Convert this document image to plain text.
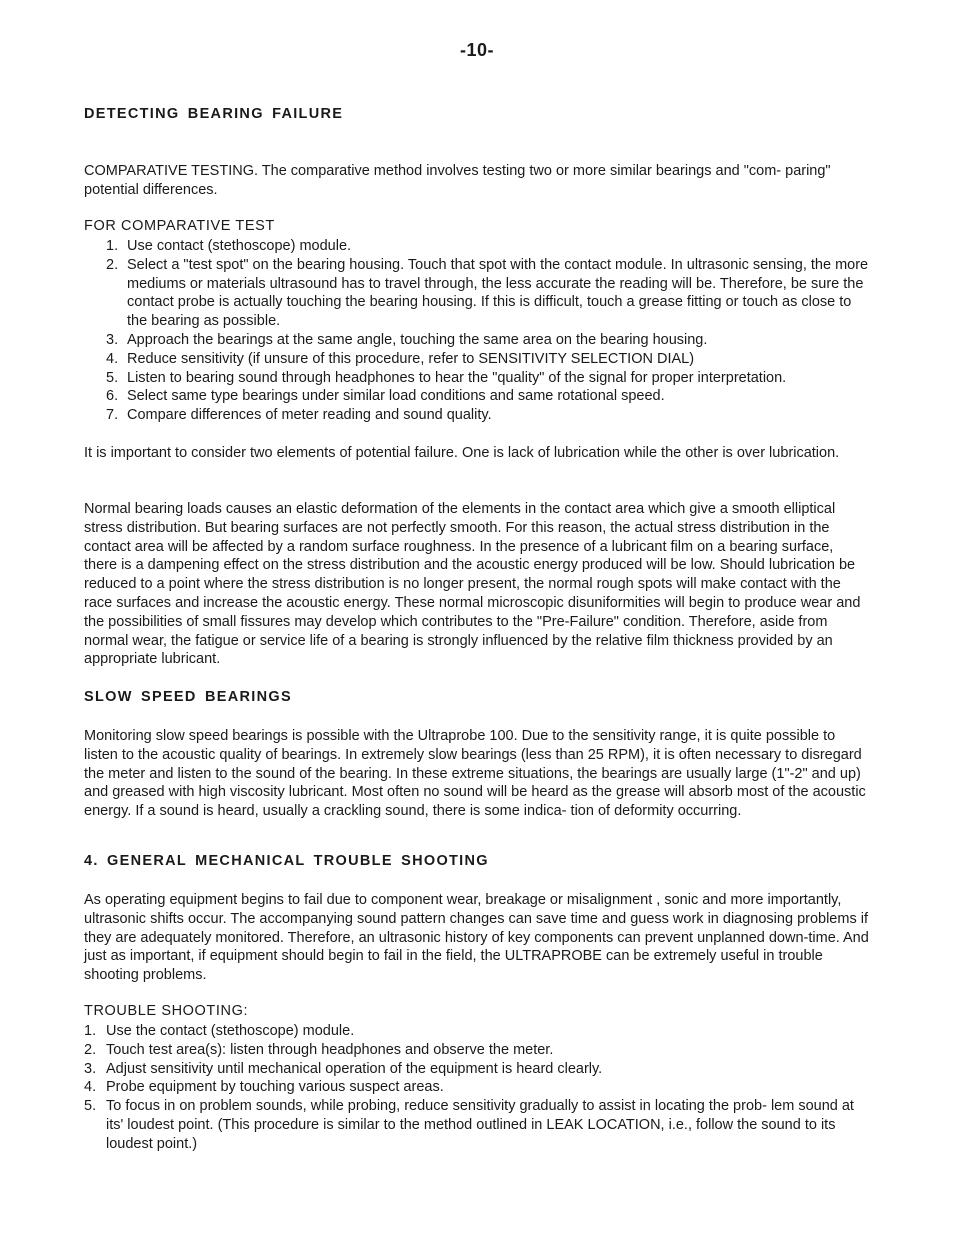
-10-
DETECTING BEARING FAILURE

COMPARATIVE TESTING. The comparative method involves testing two or more similar bearings and "com- paring" potential differences.

FOR COMPARATIVE TEST
1. Use contact (stethoscope) module.
2. Select a "test spot" on the bearing housing. Touch that spot with the contact module. In ultrasonic sensing, the more mediums or materials ultrasound has to travel through, the less accurate the reading will be. Therefore, be sure the contact probe is actually touching the bearing housing. If this is difficult, touch a grease fitting or touch as close to the bearing as possible.
3. Approach the bearings at the same angle, touching the same area on the bearing housing.
4. Reduce sensitivity (if unsure of this procedure, refer to SENSITIVITY SELECTION DIAL)
5. Listen to bearing sound through headphones to hear the "quality" of the signal for proper interpretation.
6. Select same type bearings under similar load conditions and same rotational speed.
7. Compare differences of meter reading and sound quality.

It is important to consider two elements of potential failure. One is lack of lubrication while the other is over lubrication.

Normal bearing loads causes an elastic deformation of the elements in the contact area which give a smooth elliptical stress distribution. But bearing surfaces are not perfectly smooth. For this reason, the actual stress distribution in the contact area will be affected by a random surface roughness. In the presence of a lubricant film on a bearing surface, there is a dampening effect on the stress distribution and the acoustic energy produced will be low. Should lubrication be reduced to a point where the stress distribution is no longer present, the normal rough spots will make contact with the race surfaces and increase the acoustic energy. These normal microscopic disuniformities will begin to produce wear and the possibilities of small fissures may develop which contributes to the "Pre-Failure" condition. Therefore, aside from normal wear, the fatigue or service life of a bearing is strongly influenced by the relative film thickness provided by an appropriate lubricant.

SLOW SPEED BEARINGS

Monitoring slow speed bearings is possible with the Ultraprobe 100. Due to the sensitivity range, it is quite possible to listen to the acoustic quality of bearings. In extremely slow bearings (less than 25 RPM), it is often necessary to disregard the meter and listen to the sound of the bearing. In these extreme situations, the bearings are usually large (1"-2" and up) and greased with high viscosity lubricant. Most often no sound will be heard as the grease will absorb most of the acoustic energy. If a sound is heard, usually a crackling sound, there is some indica- tion of deformity occurring.

4. GENERAL MECHANICAL TROUBLE SHOOTING

As operating equipment begins to fail due to component wear, breakage or misalignment , sonic and more importantly, ultrasonic shifts occur. The accompanying sound pattern changes can save time and guess work in diagnosing problems if they are adequately monitored. Therefore, an ultrasonic history of key components can prevent unplanned down-time. And just as important, if equipment should begin to fail in the field, the ULTRAPROBE can be extremely useful in trouble shooting problems.

TROUBLE SHOOTING:
1. Use the contact (stethoscope) module.
2. Touch test area(s): listen through headphones and observe the meter.
3. Adjust sensitivity until mechanical operation of the equipment is heard clearly.
4. Probe equipment by touching various suspect areas.
5. To focus in on problem sounds, while probing, reduce sensitivity gradually to assist in locating the prob- lem sound at its' loudest point. (This procedure is similar to the method outlined in LEAK LOCATION, i.e., follow the sound to its loudest point.)
